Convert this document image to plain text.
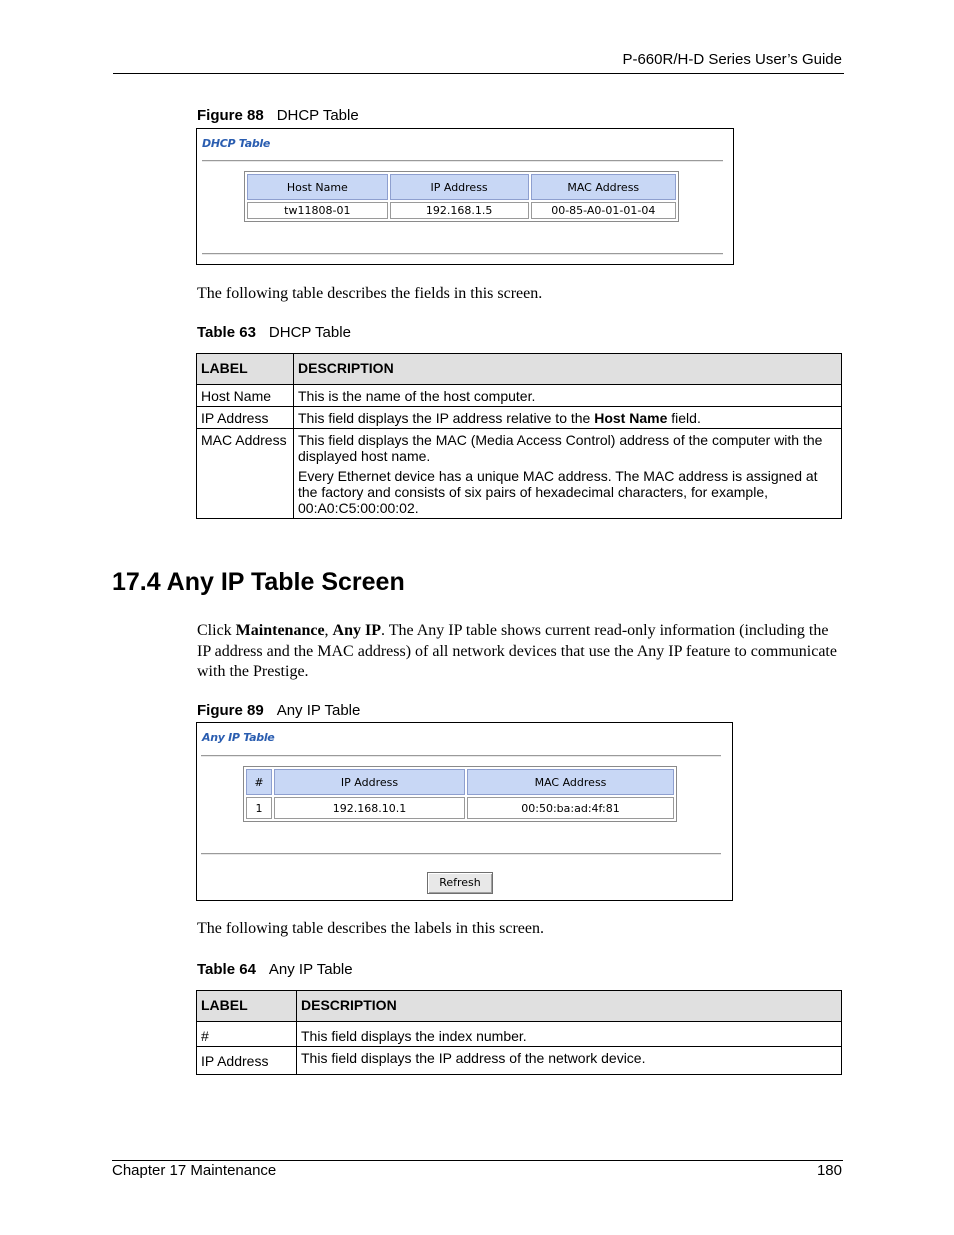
P-660R/H-D Series User’s Guide
Figure 88 DHCP Table
DHCP Table
Host Name	IP Address	MAC Address
tw11808-01	192.168.1.5	00-85-A0-01-01-04
The following table describes the fields in this screen.
Table 63 DHCP Table
LABEL	DESCRIPTION
Host Name	This is the name of the host computer.
IP Address	This field displays the IP address relative to the Host Name field.
MAC Address	This field displays the MAC (Media Access Control) address of the computer with the displayed host name.

Every Ethernet device has a unique MAC address. The MAC address is assigned at the factory and consists of six pairs of hexadecimal characters, for example, 00:A0:C5:00:00:02.

17.4 Any IP Table Screen
Click Maintenance, Any IP. The Any IP table shows current read-only information (including the IP address and the MAC address) of all network devices that use the Any IP feature to communicate with the Prestige.
Figure 89 Any IP Table
Any IP Table
#	IP Address	MAC Address
1	192.168.10.1	00:50:ba:ad:4f:81
Refresh
The following table describes the labels in this screen.
Table 64 Any IP Table
LABEL	DESCRIPTION
#	This field displays the index number.
IP Address	This field displays the IP address of the network device.
Chapter 17 Maintenance	180
